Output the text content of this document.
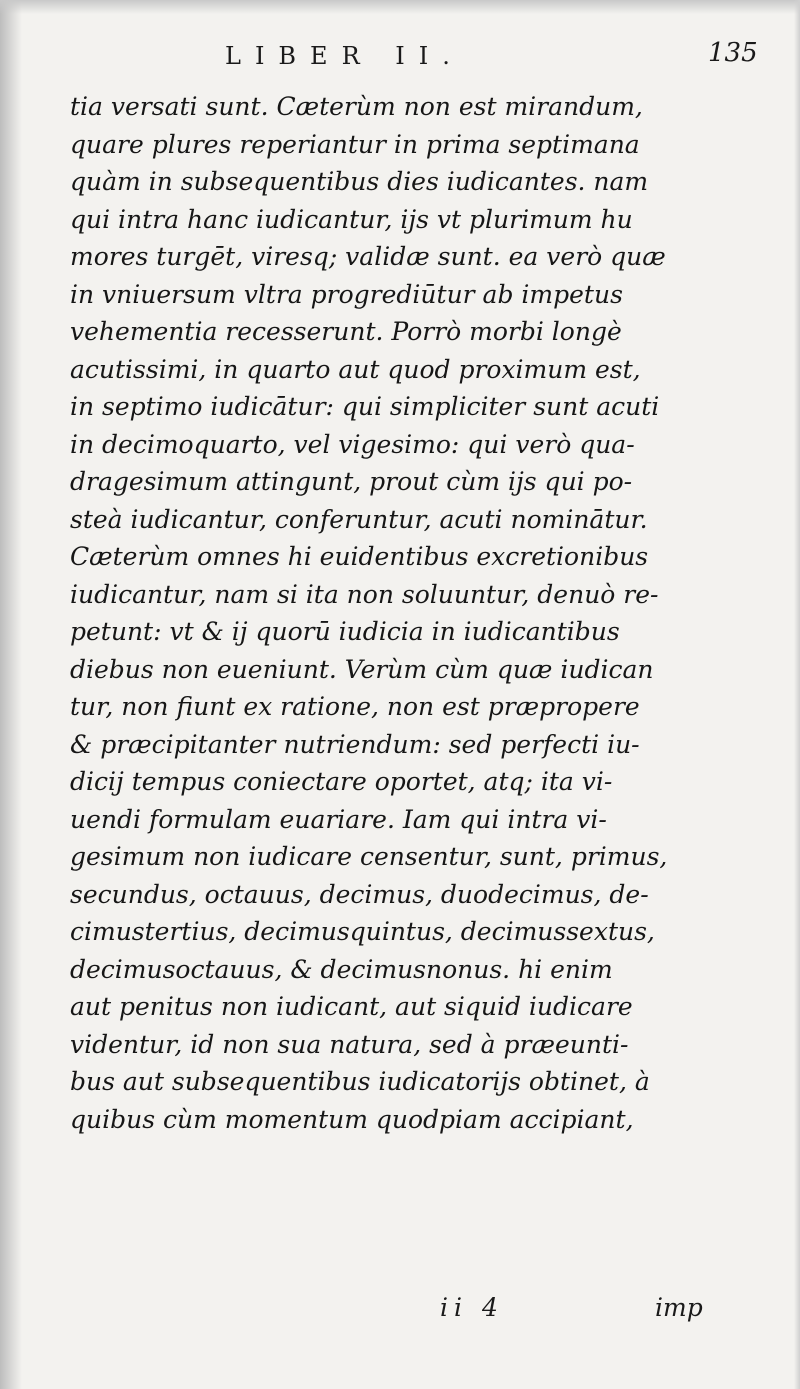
LIBER II.	135
tia versati sunt. Cæterùm non est mirandum,
quare plures reperiantur in prima septimana
quàm in subsequentibus dies iudicantes. nam
qui intra hanc iudicantur, ijs vt plurimum hu
mores turgēt, viresq; validæ sunt. ea verò quæ
in vniuersum vltra progrediūtur ab impetus
vehementia recesserunt. Porrò morbi longè
acutissimi, in quarto aut quod proximum est,
in septimo iudicātur: qui simpliciter sunt acuti
in decimoquarto, vel vigesimo: qui verò qua-
dragesimum attingunt, prout cùm ijs qui po-
steà iudicantur, conferuntur, acuti nominātur.
Cæterùm omnes hi euidentibus excretionibus
iudicantur, nam si ita non soluuntur, denuò re-
petunt: vt & ij quorū iudicia in iudicantibus
diebus non eueniunt. Verùm cùm quæ iudican
tur, non fiunt ex ratione, non est præpropere
& præcipitanter nutriendum: sed perfecti iu-
dicij tempus coniectare oportet, atq; ita vi-
uendi formulam euariare. Iam qui intra vi-
gesimum non iudicare censentur, sunt, primus,
secundus, octauus, decimus, duodecimus, de-
cimustertius, decimusquintus, decimussextus,
decimusoctauus, & decimusnonus. hi enim
aut penitus non iudicant, aut siquid iudicare
videntur, id non sua natura, sed à præeunti-
bus aut subsequentibus iudicatorijs obtinet, à
quibus cùm momentum quodpiam accipiant,
ii 4	imp
